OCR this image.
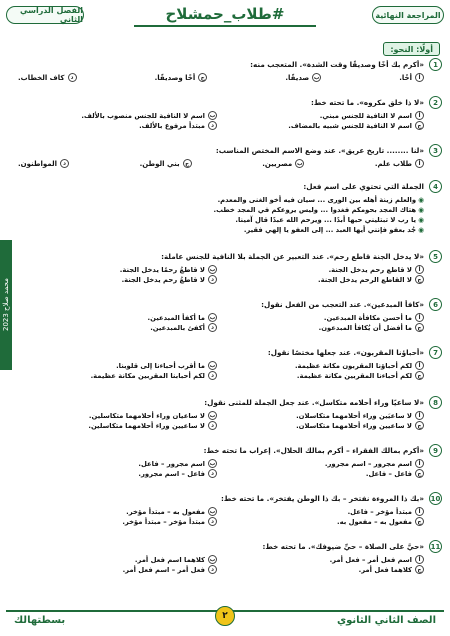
المراجعة النهائية
#طلاب_حمشلاح
الفصل الدراسي الثاني
محمد صلاح 2023
أولًا: النحو:
1
«أكرم بك أخًا وصديقًا وقت الشدة». المتعجب منه:
أ
أخًا.
ب
صديقًا.
ج
أخًا وصديقًا.
د
كاف الخطاب.
2
«لا ذا خلق مكروه». ما تحته خط:
أ
اسم لا النافية للجنس مبني.
ب
اسم لا النافية للجنس منصوب بالألف.
ج
اسم لا النافية للجنس شبيه بالمضاف.
د
مبتدأ مرفوع بالألف.
3
«لنا ........ تاريخ عريق». عند وضع الاسم المختص المناسب:
أ
طلاب علم.
ب
مصريين.
ج
بني الوطن.
د
المواطنون.
4
الجملة التي تحتوي على اسم فعل:
◉والعلم زينة أهله بين الورى ... سيان فيه أخو الغنى والمعدم.
◉هتاك المجد بحومكم فغدوا ... وليس يروعكم في المجد خطب.
◉يا رب لا تبتليني حبها أبدًا ... ويرحم الله عبدًا قال آمينا.
◉جُد بعفو فإنني أيها العبد ... إلى العفو يا إلهي فقير.
5
«لا يدخل الجنة قاطع رحم». عند التعبير عن الجملة بلا النافية للجنس عاملة:
أ
لا قاطع رحم يدخل الجنة.
ب
لا قاطعُ رحمًا يدخل الجنة.
ج
لا القاطع الرحم يدخل الجنة.
د
لا قاطعُ رحم يدخل الجنة.
6
«كافأ المبدعين». عند التعجب من الفعل نقول:
أ
ما أحسن مكافأة المبدعين.
ب
ما أكفأ المبدعين.
ج
ما أفضل أن يُكافأ المبدعون.
د
أكفئ بالمبدعين.
7
«أحباؤنا المقربون». عند جعلها مختصًا نقول:
أ
لكم أحباؤنا المقربون مكانة عظيمة.
ب
ما أقرب أحباءنا إلى قلوبنا.
ج
لكم أحباءنا المقربين مكانة عظيمة.
د
لكم أحبابنا المقربين مكانة عظيمة.
8
«لا ساعيًا وراء أحلامه متكاسل». عند جعل الجملة للمثنى نقول:
أ
لا ساعيَين وراء أحلامهما متكاسلان.
ب
لا ساعيان وراء أحلامهما متكاسلين.
ج
لا ساعيين وراء أحلامهما متكاسلان.
د
لا ساعيين وراء أحلامهما متكاسلين.
9
«أكرم بمالك الفقراء – أكرم بمالك الحلال». إعراب ما تحته خط:
أ
اسم مجرور – اسم مجرور.
ب
اسم مجرور – فاعل.
ج
فاعل – فاعل.
د
فاعل – اسم مجرور.
10
«بك ذا المروءة نفتخر – بك ذا الوطن يفتخر». ما تحته خط:
أ
مبتدأ مؤخر – فاعل.
ب
مفعول به – مبتدأ مؤخر.
ج
مفعول به – مفعول به.
د
مبتدأ مؤخر – مبتدأ مؤخر.
11
«حيَّ على الصلاة – حيِّ ضيوفك». ما تحته خط:
أ
اسم فعل أمر – فعل أمر.
ب
كلاهما اسم فعل أمر.
ج
كلاهما فعل أمر.
د
فعل أمر – اسم فعل أمر.
الصف الثاني الثانوي
٢
بسطتهالك
